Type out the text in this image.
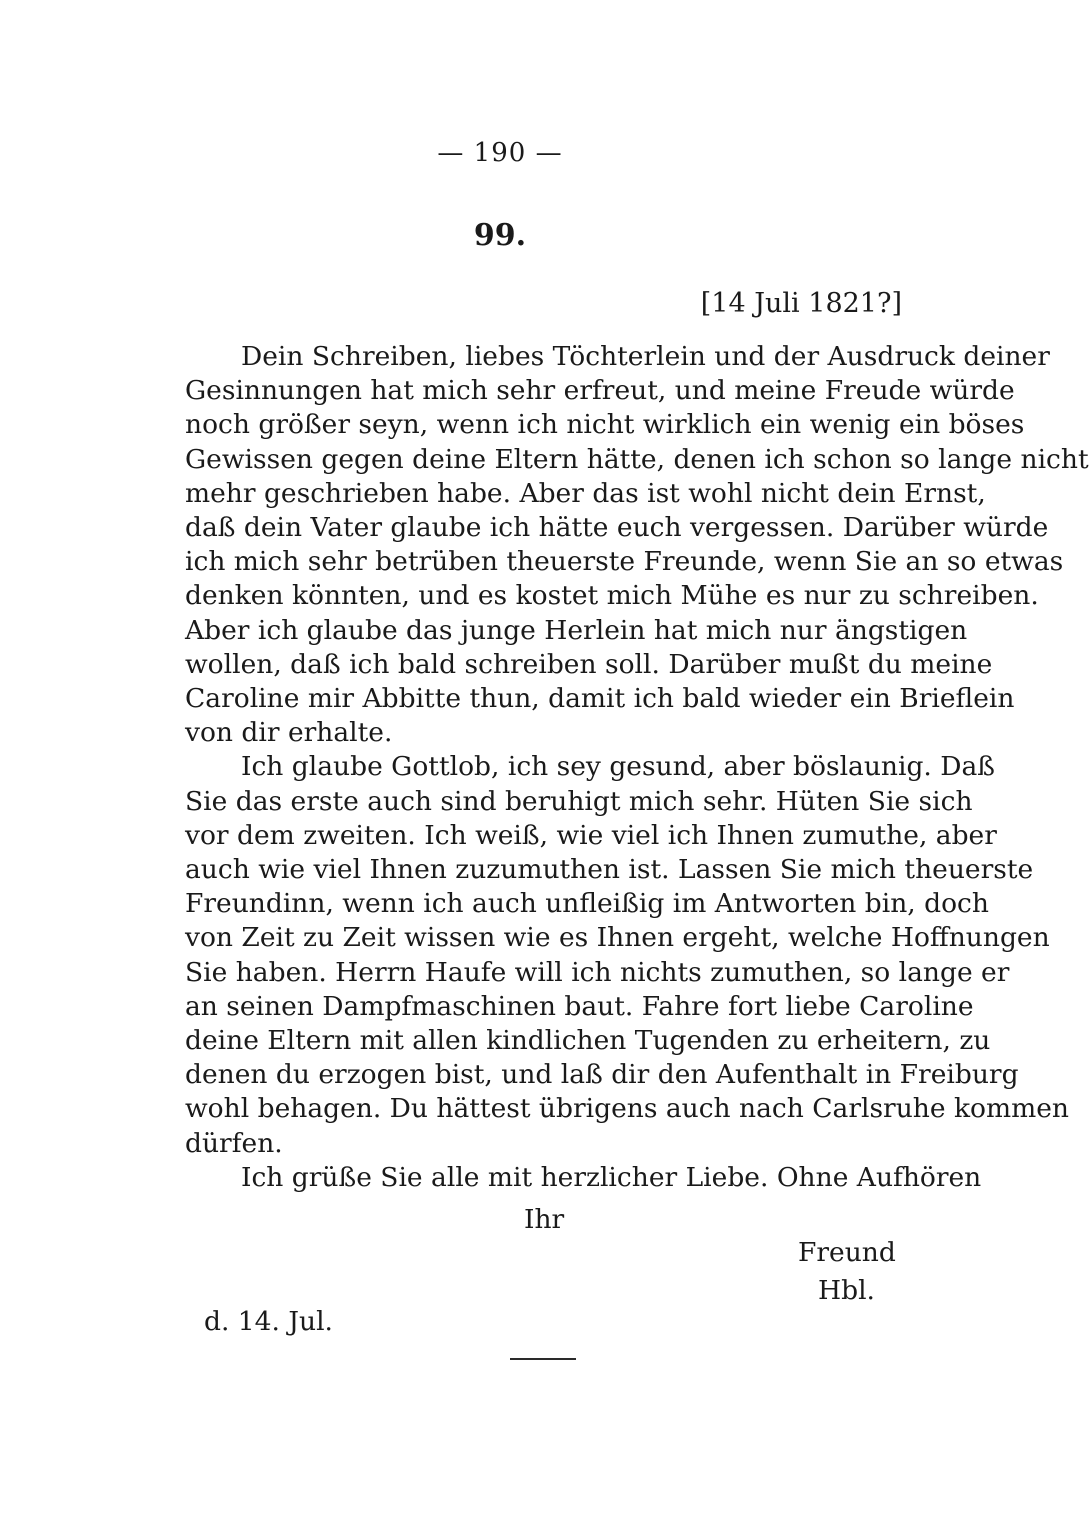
— 190 —
99.
[14 Juli 1821?]
Dein Schreiben, liebes Töchterlein und der Ausdruck deiner
Gesinnungen hat mich sehr erfreut, und meine Freude würde
noch größer seyn, wenn ich nicht wirklich ein wenig ein böses
Gewissen gegen deine Eltern hätte, denen ich schon so lange nicht
mehr geschrieben habe. Aber das ist wohl nicht dein Ernst,
daß dein Vater glaube ich hätte euch vergessen. Darüber würde
ich mich sehr betrüben theuerste Freunde, wenn Sie an so etwas
denken könnten, und es kostet mich Mühe es nur zu schreiben.
Aber ich glaube das junge Herlein hat mich nur ängstigen
wollen, daß ich bald schreiben soll. Darüber mußt du meine
Caroline mir Abbitte thun, damit ich bald wieder ein Brieflein
von dir erhalte.
Ich glaube Gottlob, ich sey gesund, aber böslaunig. Daß
Sie das erste auch sind beruhigt mich sehr. Hüten Sie sich
vor dem zweiten. Ich weiß, wie viel ich Ihnen zumuthe, aber
auch wie viel Ihnen zuzumuthen ist. Lassen Sie mich theuerste
Freundinn, wenn ich auch unfleißig im Antworten bin, doch
von Zeit zu Zeit wissen wie es Ihnen ergeht, welche Hoffnungen
Sie haben. Herrn Haufe will ich nichts zumuthen, so lange er
an seinen Dampfmaschinen baut. Fahre fort liebe Caroline
deine Eltern mit allen kindlichen Tugenden zu erheitern, zu
denen du erzogen bist, und laß dir den Aufenthalt in Freiburg
wohl behagen. Du hättest übrigens auch nach Carlsruhe kommen
dürfen.
Ich grüße Sie alle mit herzlicher Liebe. Ohne Aufhören
Ihr
Freund
Hbl.
d. 14. Jul.
